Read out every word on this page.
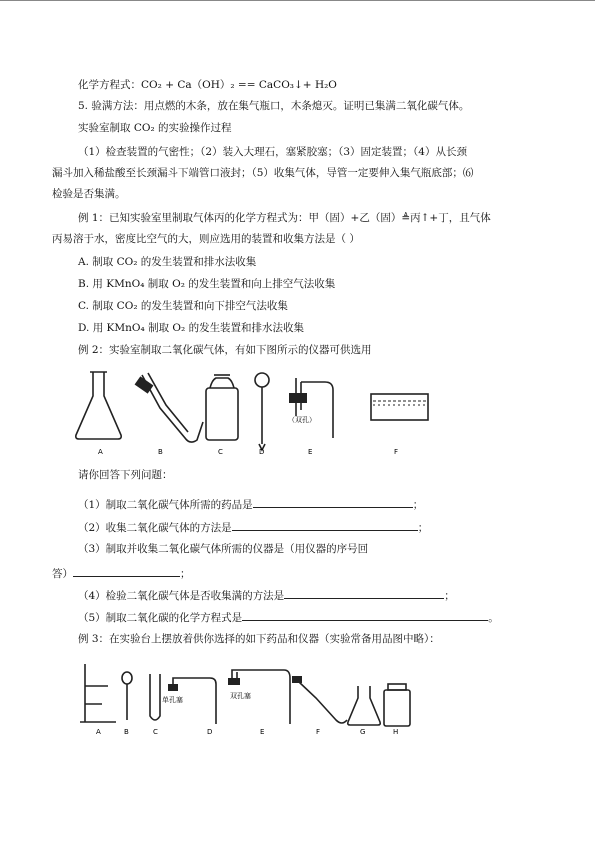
化学方程式：CO₂ + Ca（OH）₂ == CaCO₃↓+ H₂O
5. 验满方法：用点燃的木条，放在集气瓶口，木条熄灭。证明已集满二氧化碳气体。
实验室制取 CO₂ 的实验操作过程
（1）检查装置的气密性；（2）装入大理石，塞紧胶塞；（3）固定装置；（4）从长颈
漏斗加入稀盐酸至长颈漏斗下端管口液封；（5）收集气体，导管一定要伸入集气瓶底部；⑹
检验是否集满。
例 1：已知实验室里制取气体丙的化学方程式为：甲（固）+乙（固）≜丙↑+丁，且气体
丙易溶于水，密度比空气的大，则应选用的装置和收集方法是（ ）
A. 制取 CO₂ 的发生装置和排水法收集
B. 用 KMnO₄ 制取 O₂ 的发生装置和向上排空气法收集
C. 制取 CO₂ 的发生装置和向下排空气法收集
D. 用 KMnO₄ 制取 O₂ 的发生装置和排水法收集
例 2：实验室制取二氧化碳气体，有如下图所示的仪器可供选用
（双孔）
A	B	C	D	E	F
请你回答下列问题：
（1）制取二氧化碳气体所需的药品是	；
（2）收集二氧化碳气体的方法是	；
（3）制取并收集二氧化碳气体所需的仪器是（用仪器的序号回
答）	；
（4）检验二氧化碳气体是否收集满的方法是	；
（5）制取二氧化碳的化学方程式是	。
例 3：在实验台上摆放着供你选择的如下药品和仪器（实验常备用品图中略）：
单孔塞	双孔塞
A	B	C	D	E	F	G	H
